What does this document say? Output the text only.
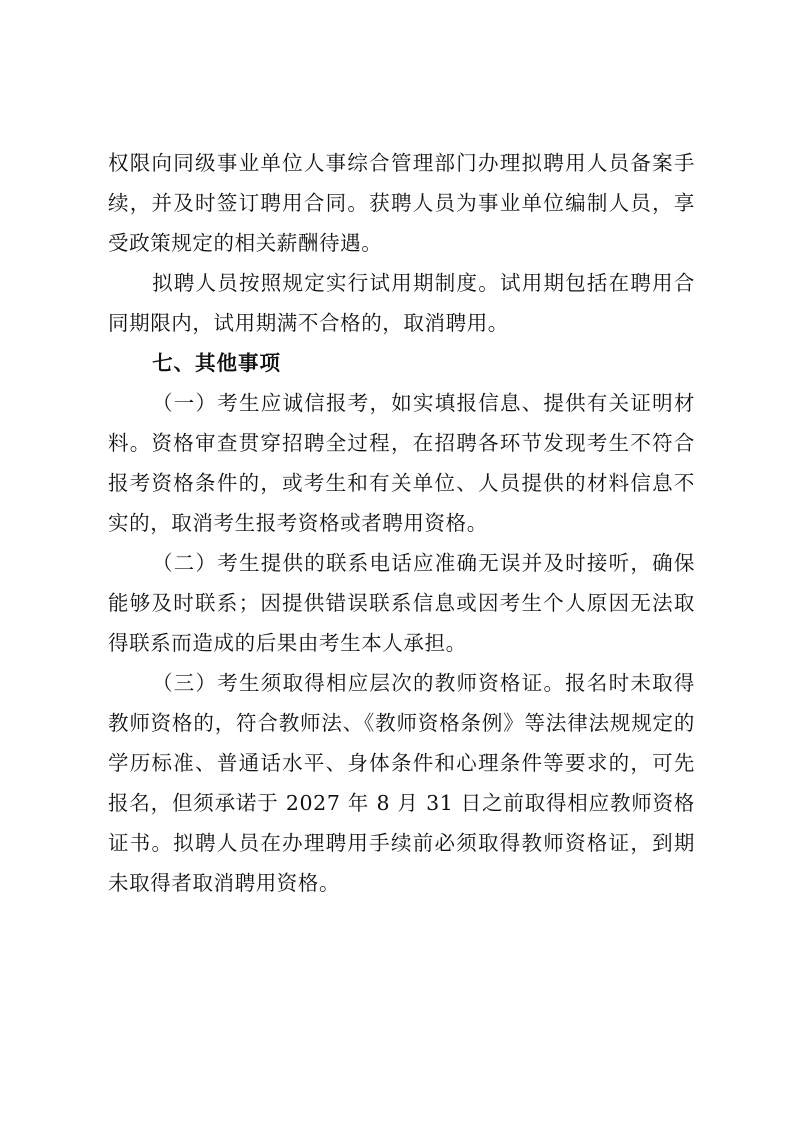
权限向同级事业单位人事综合管理部门办理拟聘用人员备案手续，并及时签订聘用合同。获聘人员为事业单位编制人员，享受政策规定的相关薪酬待遇。

拟聘人员按照规定实行试用期制度。试用期包括在聘用合同期限内，试用期满不合格的，取消聘用。

七、其他事项

（一）考生应诚信报考，如实填报信息、提供有关证明材料。资格审查贯穿招聘全过程，在招聘各环节发现考生不符合报考资格条件的，或考生和有关单位、人员提供的材料信息不实的，取消考生报考资格或者聘用资格。

（二）考生提供的联系电话应准确无误并及时接听，确保能够及时联系；因提供错误联系信息或因考生个人原因无法取得联系而造成的后果由考生本人承担。

（三）考生须取得相应层次的教师资格证。报名时未取得教师资格的，符合教师法、《教师资格条例》等法律法规规定的学历标准、普通话水平、身体条件和心理条件等要求的，可先报名，但须承诺于 2027 年 8 月 31 日之前取得相应教师资格证书。拟聘人员在办理聘用手续前必须取得教师资格证，到期未取得者取消聘用资格。
